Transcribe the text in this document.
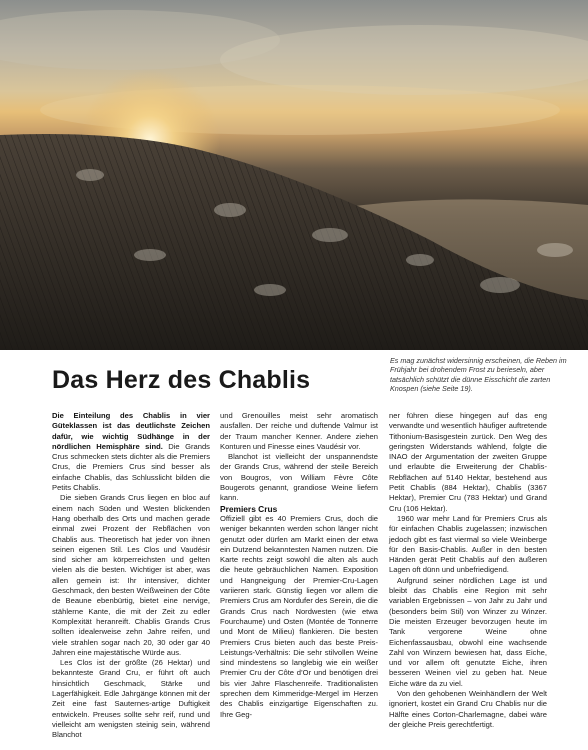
Es mag zunächst widersinnig erscheinen, die Reben im Frühjahr bei drohendem Frost zu berieseln, aber tatsächlich schützt die dünne Eisschicht die zarten Knospen (siehe Seite 19).
Das Herz des Chablis

Die Einteilung des Chablis in vier Güteklassen ist das deutlichste Zeichen dafür, wie wichtig Südhänge in der nördlichen Hemisphäre sind. Die Grands Crus schmecken stets dichter als die Premiers Crus, die Premiers Crus sind besser als einfache Chablis, das Schlusslicht bilden die Petits Chablis.

Die sieben Grands Crus liegen en bloc auf einem nach Süden und Westen blickenden Hang oberhalb des Orts und machen gerade einmal zwei Prozent der Rebflächen von Chablis aus. Theoretisch hat jeder von ihnen seinen eigenen Stil. Les Clos und Vaudésir sind sicher am körperreichsten und gelten vielen als die besten. Wichtiger ist aber, was allen gemein ist: Ihr intensiver, dichter Geschmack, den besten Weißweinen der Côte de Beaune ebenbürtig, bietet eine nervige, stählerne Kante, die mit der Zeit zu edler Komplexität heranreift. Chablis Grands Crus sollten idealerweise zehn Jahre reifen, und viele strahlen sogar nach 20, 30 oder gar 40 Jahren eine majestätische Würde aus.

Les Clos ist der größte (26 Hektar) und bekannteste Grand Cru, er führt oft auch hinsichtlich Geschmack, Stärke und Lagerfähigkeit. Edle Jahrgänge können mit der Zeit eine fast Sauternes-artige Duftigkeit entwickeln. Preuses sollte sehr reif, rund und vielleicht am wenigsten steinig sein, während Blanchot

und Grenouilles meist sehr aromatisch ausfallen. Der reiche und duftende Valmur ist der Traum mancher Kenner. Andere ziehen Konturen und Finesse eines Vaudésir vor.

Blanchot ist vielleicht der unspannendste der Grands Crus, während der steile Bereich von Bougros, von William Fèvre Côte Bougerots genannt, grandiose Weine liefern kann.

Premiers Crus

Offiziell gibt es 40 Premiers Crus, doch die weniger bekannten werden schon länger nicht genutzt oder dürfen am Markt einen der etwa ein Dutzend bekanntesten Namen nutzen. Die Karte rechts zeigt sowohl die alten als auch die heute gebräuchlichen Namen. Exposition und Hangneigung der Premier-Cru-Lagen variieren stark. Günstig liegen vor allem die Premiers Crus am Nordufer des Serein, die die Grands Crus nach Nordwesten (wie etwa Fourchaume) und Osten (Montée de Tonnerre und Mont de Milieu) flankieren. Die besten Premiers Crus bieten auch das beste Preis-Leistungs-Verhältnis: Die sehr stilvollen Weine sind mindestens so langlebig wie ein weißer Premier Cru der Côte d’Or und benötigen drei bis vier Jahre Flaschenreife. Traditionalisten sprechen dem Kimmeridge-Mergel im Herzen des Chablis einzigartige Eigenschaften zu. Ihre Geg-

ner führen diese hingegen auf das eng verwandte und wesentlich häufiger auftretende Tithonium-Basisgestein zurück. Den Weg des geringsten Widerstands wählend, folgte die INAO der Argumentation der zweiten Gruppe und erlaubte die Erweiterung der Chablis-Rebflächen auf 5140 Hektar, bestehend aus Petit Chablis (884 Hektar), Chablis (3367 Hektar), Premier Cru (783 Hektar) und Grand Cru (106 Hektar).

1960 war mehr Land für Premiers Crus als für einfachen Chablis zugelassen; inzwischen jedoch gibt es fast viermal so viele Weinberge für den Basis-Chablis. Außer in den besten Händen gerät Petit Chablis auf den äußeren Lagen oft dünn und unbefriedigend.

Aufgrund seiner nördlichen Lage ist und bleibt das Chablis eine Region mit sehr variablen Ergebnissen – von Jahr zu Jahr und (besonders beim Stil) von Winzer zu Winzer. Die meisten Erzeuger bevorzugen heute im Tank vergorene Weine ohne Eichenfassausbau, obwohl eine wachsende Zahl von Winzern bewiesen hat, dass Eiche, und vor allem oft genutzte Eiche, ihren besseren Weinen viel zu geben hat. Neue Eiche wäre da zu viel.

Von den gehobenen Weinhändlern der Welt ignoriert, kostet ein Grand Cru Chablis nur die Hälfte eines Corton-Charlemagne, dabei wäre der gleiche Preis gerechtfertigt.
